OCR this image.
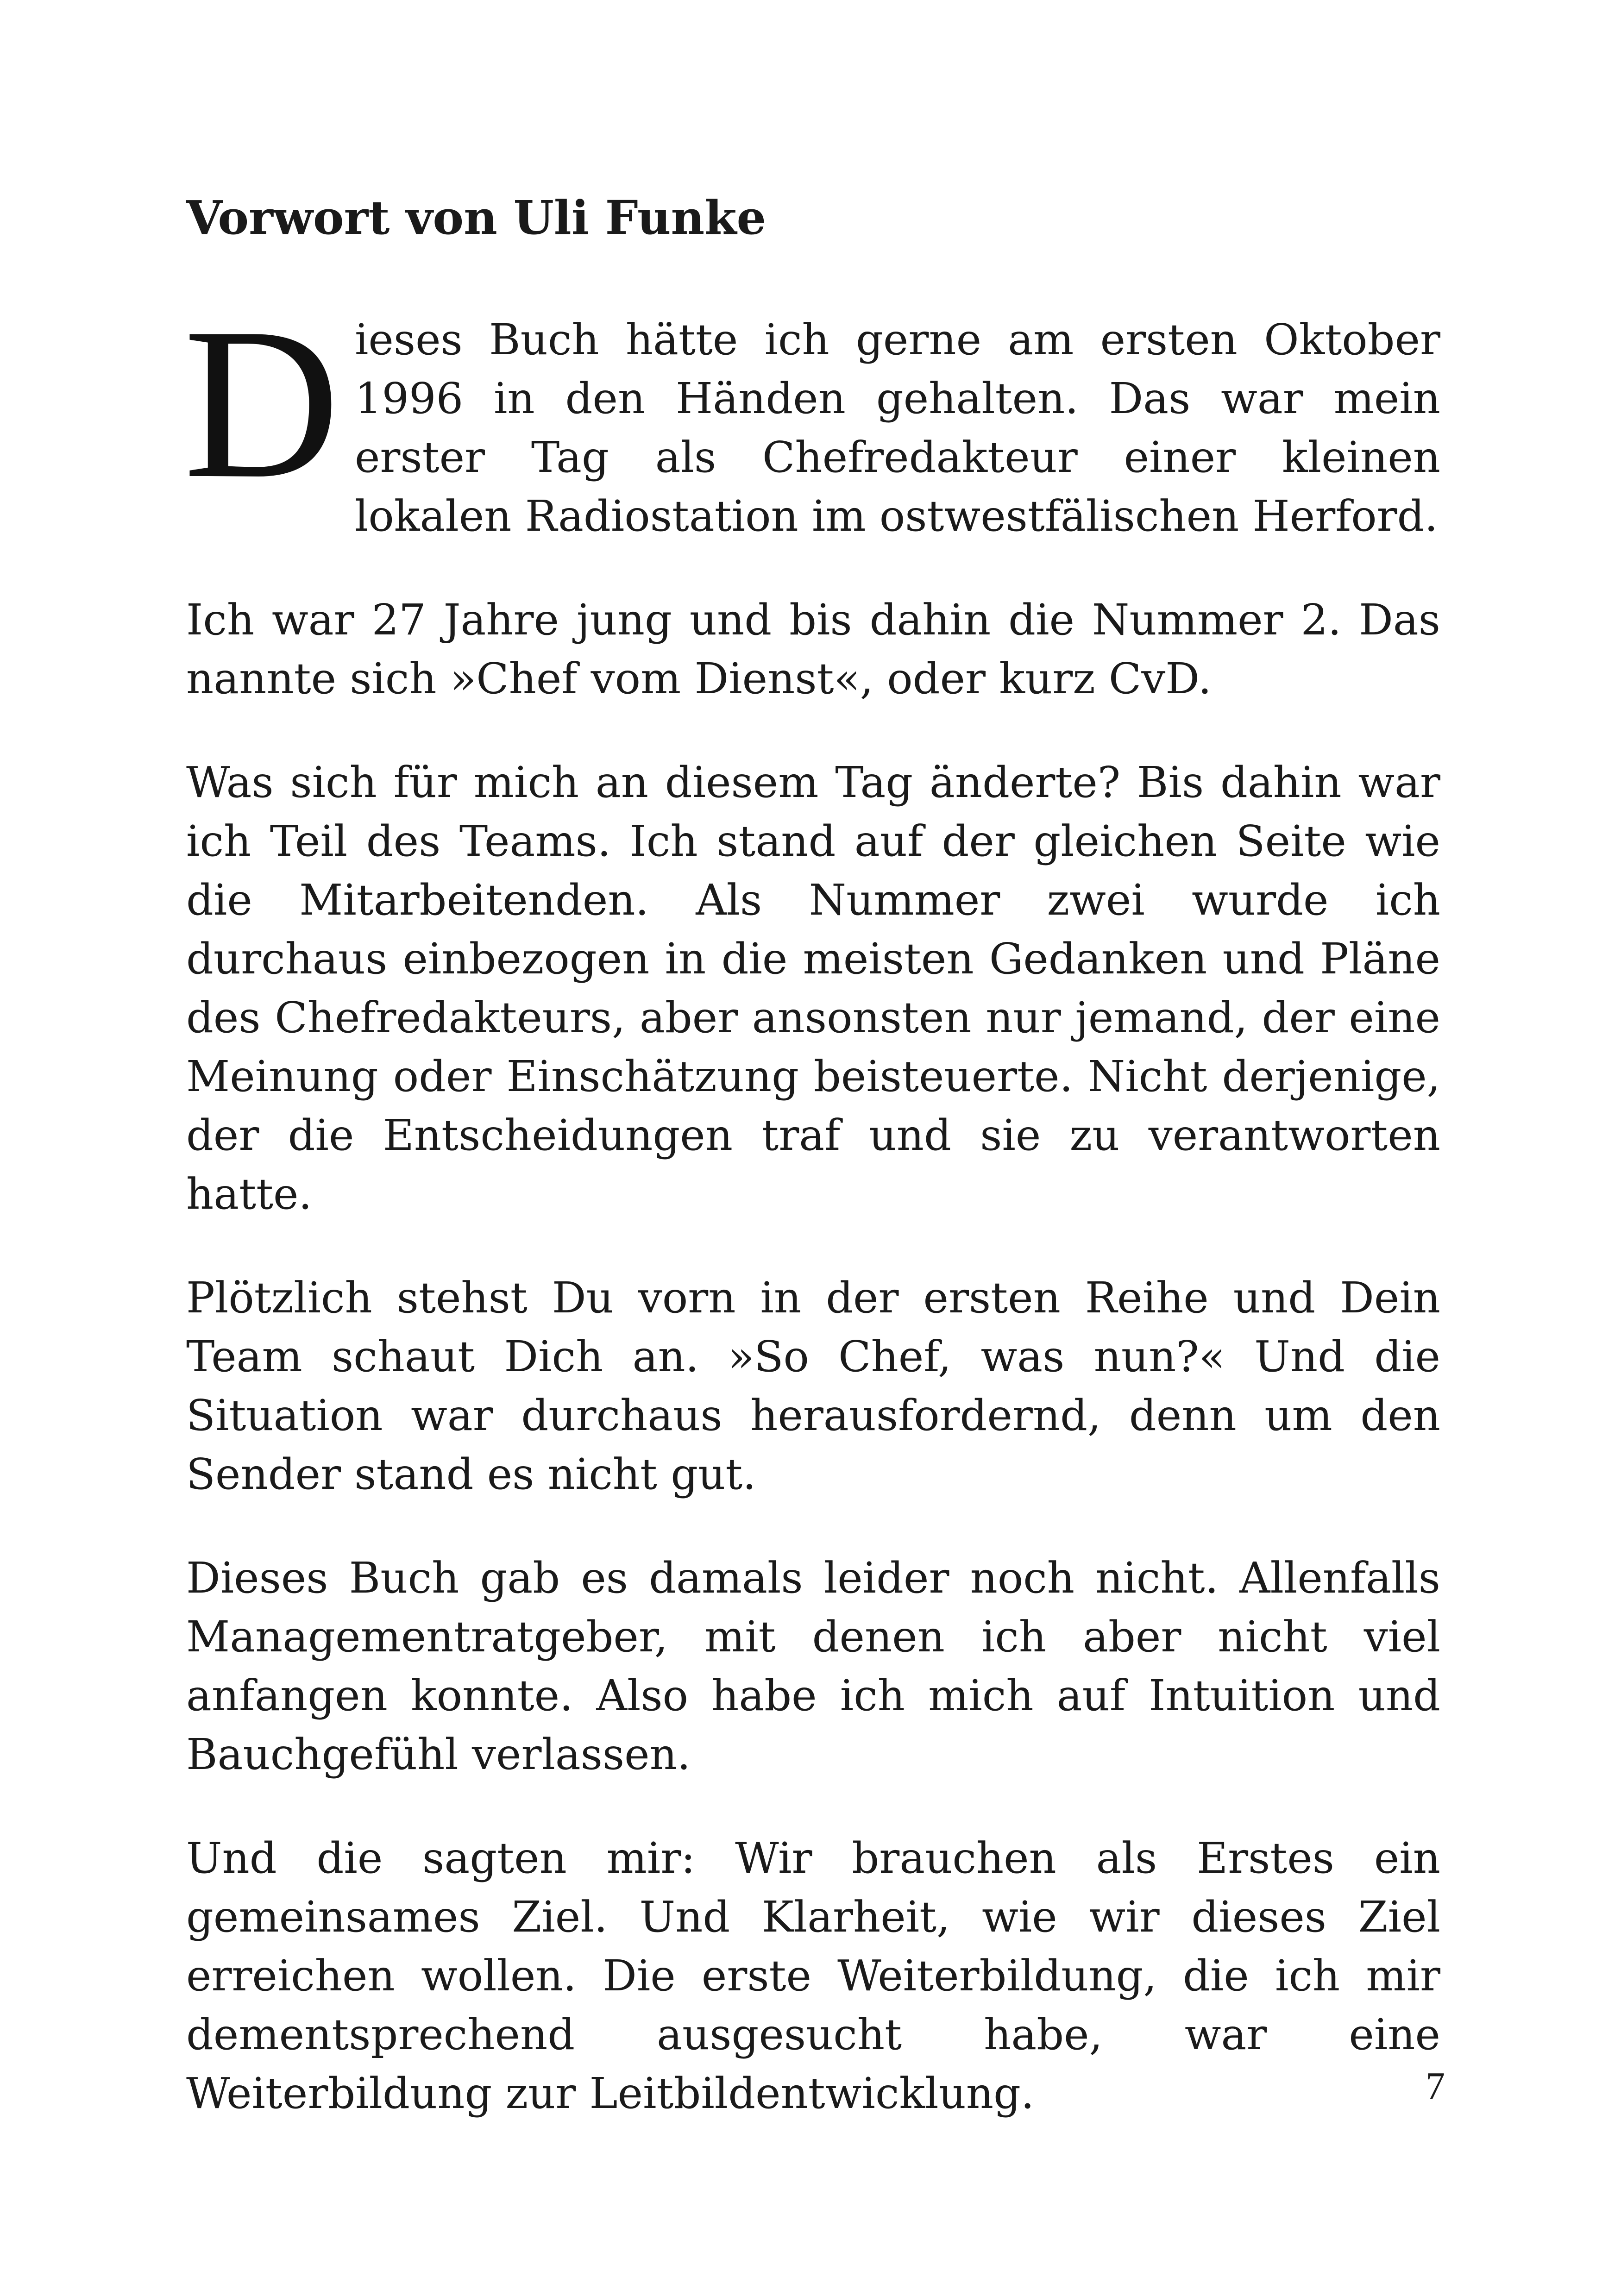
Vorwort von Uli Funke

Dieses Buch hätte ich gerne am ersten Oktober 1996 in den Händen gehalten. Das war mein erster Tag als Chefredakteur einer kleinen lokalen Radiostation im ostwestfälischen Herford.

Ich war 27 Jahre jung und bis dahin die Nummer 2. Das nannte sich »Chef vom Dienst«, oder kurz CvD.

Was sich für mich an diesem Tag änderte? Bis dahin war ich Teil des Teams. Ich stand auf der gleichen Seite wie die Mitarbeitenden. Als Nummer zwei wurde ich durchaus einbezogen in die meisten Gedanken und Pläne des Chefredakteurs, aber ansonsten nur jemand, der eine Meinung oder Einschätzung beisteuerte. Nicht derjenige, der die Entscheidungen traf und sie zu verantworten hatte.

Plötzlich stehst Du vorn in der ersten Reihe und Dein Team schaut Dich an. »So Chef, was nun?« Und die Situation war durchaus herausfordernd, denn um den Sender stand es nicht gut.

Dieses Buch gab es damals leider noch nicht. Allenfalls Managementratgeber, mit denen ich aber nicht viel anfangen konnte. Also habe ich mich auf Intuition und Bauchgefühl verlassen.

Und die sagten mir: Wir brauchen als Erstes ein gemeinsames Ziel. Und Klarheit, wie wir dieses Ziel erreichen wollen. Die erste Weiterbildung, die ich mir dementsprechend ausgesucht habe, war eine Weiterbildung zur Leitbildentwicklung.	7
